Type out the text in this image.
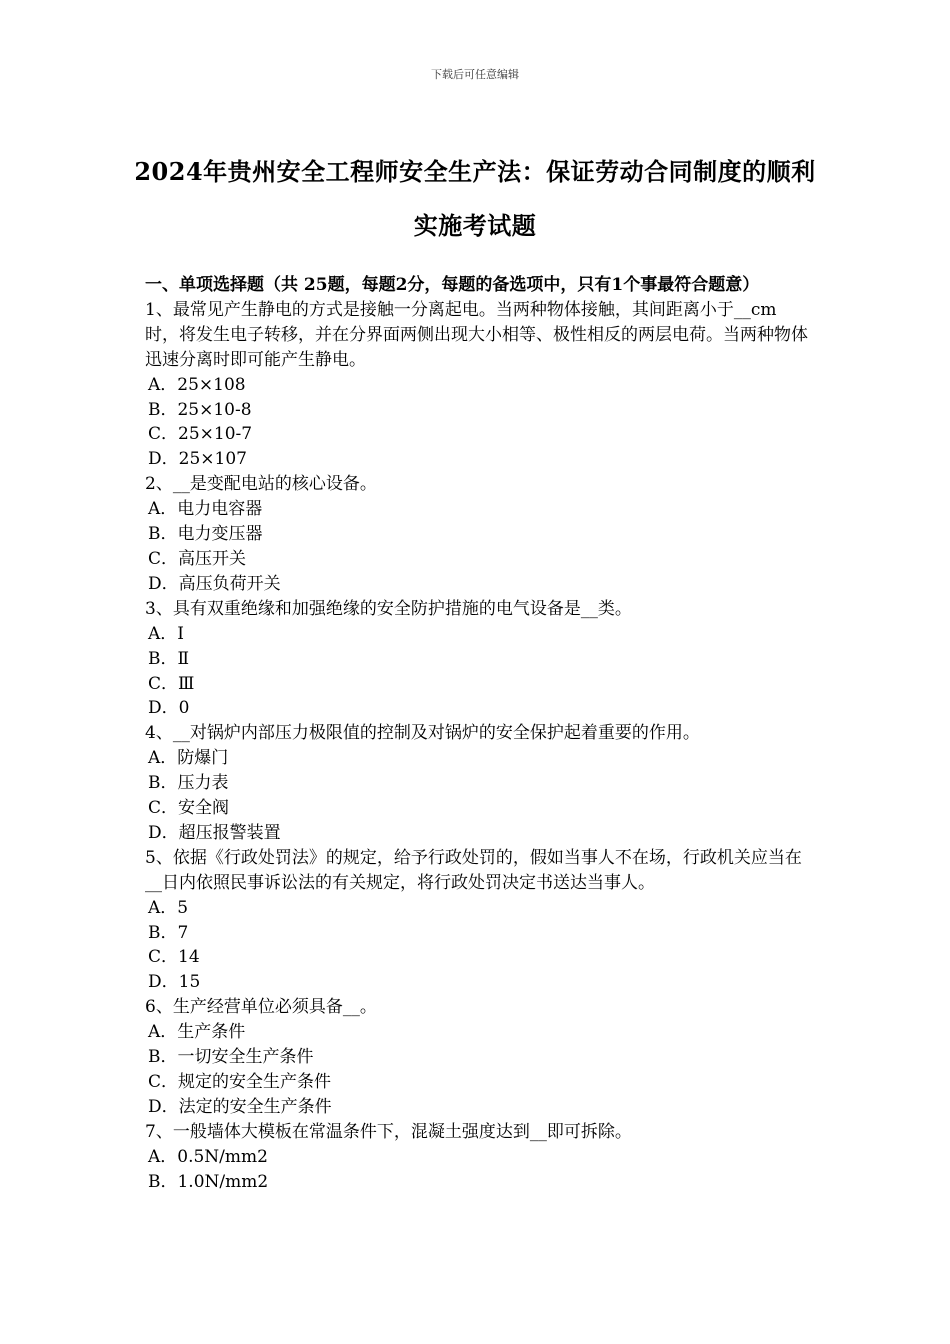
下载后可任意编辑
2024年贵州安全工程师安全生产法：保证劳动合同制度的顺利实施考试题

一、单项选择题（共 25题，每题2分，每题的备选项中，只有1个事最符合题意）

1、最常见产生静电的方式是接触一分离起电。当两种物体接触，其间距离小于__cm时，将发生电子转移，并在分界面两侧出现大小相等、极性相反的两层电荷。当两种物体迅速分离时即可能产生静电。

A．25×108

B．25×10-8

C．25×10-7

D．25×107

2、__是变配电站的核心设备。

A．电力电容器

B．电力变压器

C．高压开关

D．高压负荷开关

3、具有双重绝缘和加强绝缘的安全防护措施的电气设备是__类。

A．Ⅰ

B．Ⅱ

C．Ⅲ

D．0

4、__对锅炉内部压力极限值的控制及对锅炉的安全保护起着重要的作用。

A．防爆门

B．压力表

C．安全阀

D．超压报警装置

5、依据《行政处罚法》的规定，给予行政处罚的，假如当事人不在场，行政机关应当在__日内依照民事诉讼法的有关规定，将行政处罚决定书送达当事人。

A．5

B．7

C．14

D．15

6、生产经营单位必须具备__。

A．生产条件

B．一切安全生产条件

C．规定的安全生产条件

D．法定的安全生产条件

7、一般墙体大模板在常温条件下，混凝土强度达到__即可拆除。

A．0.5N/mm2

B．1.0N/mm2
